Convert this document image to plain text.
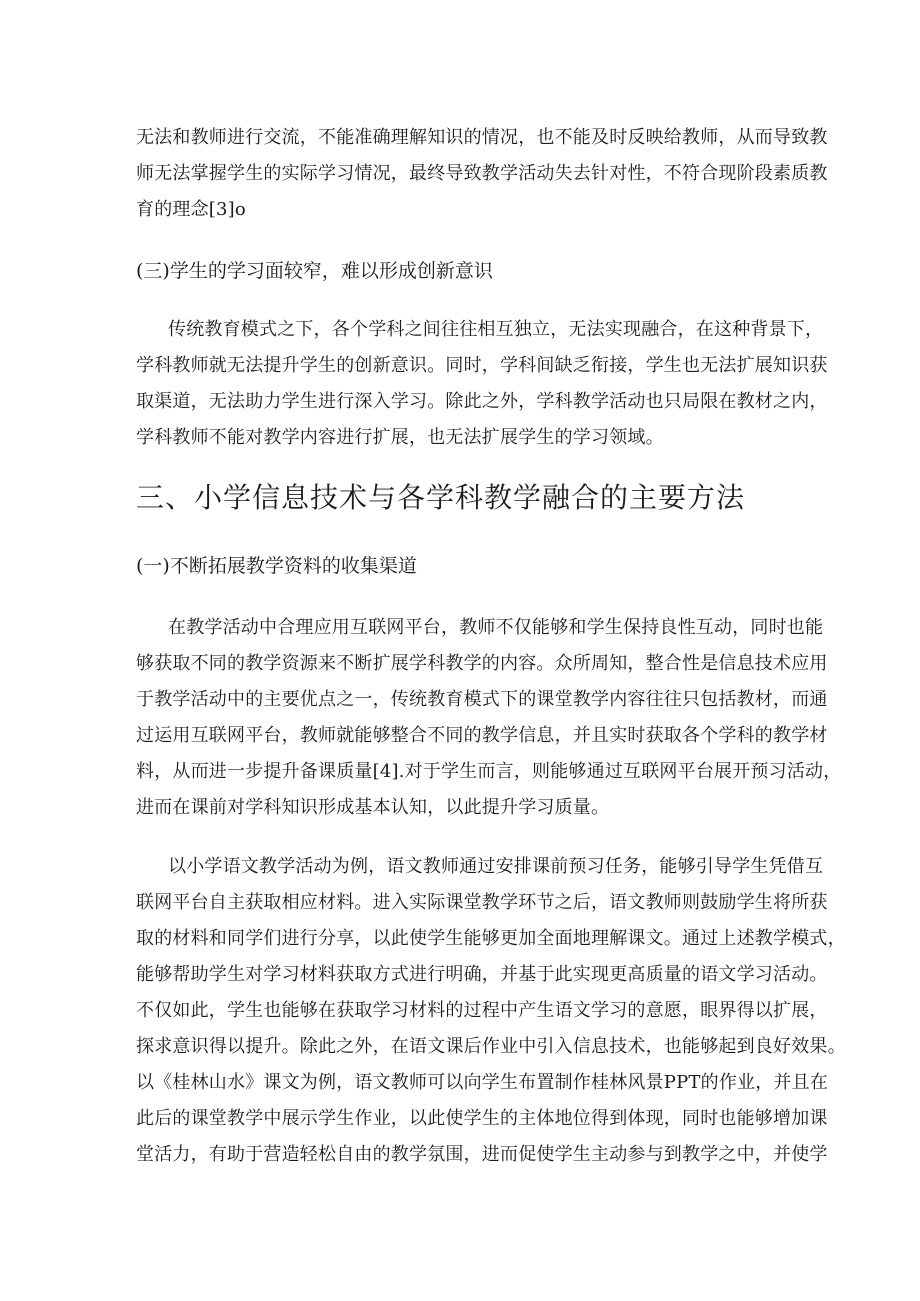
无法和教师进行交流，不能准确理解知识的情况，也不能及时反映给教师，从而导致教
师无法掌握学生的实际学习情况，最终导致教学活动失去针对性，不符合现阶段素质教
育的理念[3]o
(三)学生的学习面较窄，难以形成创新意识
传统教育模式之下，各个学科之间往往相互独立，无法实现融合，在这种背景下，
学科教师就无法提升学生的创新意识。同时，学科间缺乏衔接，学生也无法扩展知识获
取渠道，无法助力学生进行深入学习。除此之外，学科教学活动也只局限在教材之内，
学科教师不能对教学内容进行扩展，也无法扩展学生的学习领域。
三、小学信息技术与各学科教学融合的主要方法
(一)不断拓展教学资料的收集渠道
在教学活动中合理应用互联网平台，教师不仅能够和学生保持良性互动，同时也能
够获取不同的教学资源来不断扩展学科教学的内容。众所周知，整合性是信息技术应用
于教学活动中的主要优点之一，传统教育模式下的课堂教学内容往往只包括教材，而通
过运用互联网平台，教师就能够整合不同的教学信息，并且实时获取各个学科的教学材
料，从而进一步提升备课质量[4].对于学生而言，则能够通过互联网平台展开预习活动，
进而在课前对学科知识形成基本认知，以此提升学习质量。
以小学语文教学活动为例，语文教师通过安排课前预习任务，能够引导学生凭借互
联网平台自主获取相应材料。进入实际课堂教学环节之后，语文教师则鼓励学生将所获
取的材料和同学们进行分享，以此使学生能够更加全面地理解课文。通过上述教学模式，
能够帮助学生对学习材料获取方式进行明确，并基于此实现更高质量的语文学习活动。
不仅如此，学生也能够在获取学习材料的过程中产生语文学习的意愿，眼界得以扩展，
探求意识得以提升。除此之外，在语文课后作业中引入信息技术，也能够起到良好效果。
以《桂林山水》课文为例，语文教师可以向学生布置制作桂林风景PPT的作业，并且在
此后的课堂教学中展示学生作业，以此使学生的主体地位得到体现，同时也能够增加课
堂活力，有助于营造轻松自由的教学氛围，进而促使学生主动参与到教学之中，并使学
